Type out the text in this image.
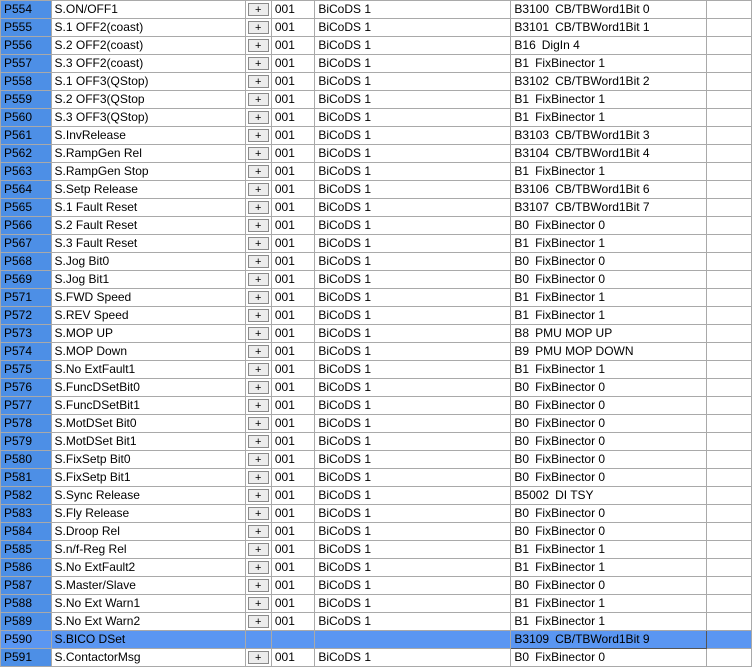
P554	S.ON/OFF1	+	001	BiCoDS 1	B3100 CB/TBWord1Bit 0	
P555	S.1 OFF2(coast)	+	001	BiCoDS 1	B3101 CB/TBWord1Bit 1	
P556	S.2 OFF2(coast)	+	001	BiCoDS 1	B16 DigIn 4	
P557	S.3 OFF2(coast)	+	001	BiCoDS 1	B1 FixBinector 1	
P558	S.1 OFF3(QStop)	+	001	BiCoDS 1	B3102 CB/TBWord1Bit 2	
P559	S.2 OFF3(QStop	+	001	BiCoDS 1	B1 FixBinector 1	
P560	S.3 OFF3(QStop)	+	001	BiCoDS 1	B1 FixBinector 1	
P561	S.InvRelease	+	001	BiCoDS 1	B3103 CB/TBWord1Bit 3	
P562	S.RampGen Rel	+	001	BiCoDS 1	B3104 CB/TBWord1Bit 4	
P563	S.RampGen Stop	+	001	BiCoDS 1	B1 FixBinector 1	
P564	S.Setp Release	+	001	BiCoDS 1	B3106 CB/TBWord1Bit 6	
P565	S.1 Fault Reset	+	001	BiCoDS 1	B3107 CB/TBWord1Bit 7	
P566	S.2 Fault Reset	+	001	BiCoDS 1	B0 FixBinector 0	
P567	S.3 Fault Reset	+	001	BiCoDS 1	B1 FixBinector 1	
P568	S.Jog Bit0	+	001	BiCoDS 1	B0 FixBinector 0	
P569	S.Jog Bit1	+	001	BiCoDS 1	B0 FixBinector 0	
P571	S.FWD Speed	+	001	BiCoDS 1	B1 FixBinector 1	
P572	S.REV Speed	+	001	BiCoDS 1	B1 FixBinector 1	
P573	S.MOP UP	+	001	BiCoDS 1	B8 PMU MOP UP	
P574	S.MOP Down	+	001	BiCoDS 1	B9 PMU MOP DOWN	
P575	S.No ExtFault1	+	001	BiCoDS 1	B1 FixBinector 1	
P576	S.FuncDSetBit0	+	001	BiCoDS 1	B0 FixBinector 0	
P577	S.FuncDSetBit1	+	001	BiCoDS 1	B0 FixBinector 0	
P578	S.MotDSet Bit0	+	001	BiCoDS 1	B0 FixBinector 0	
P579	S.MotDSet Bit1	+	001	BiCoDS 1	B0 FixBinector 0	
P580	S.FixSetp Bit0	+	001	BiCoDS 1	B0 FixBinector 0	
P581	S.FixSetp Bit1	+	001	BiCoDS 1	B0 FixBinector 0	
P582	S.Sync Release	+	001	BiCoDS 1	B5002 DI TSY	
P583	S.Fly Release	+	001	BiCoDS 1	B0 FixBinector 0	
P584	S.Droop Rel	+	001	BiCoDS 1	B0 FixBinector 0	
P585	S.n/f-Reg Rel	+	001	BiCoDS 1	B1 FixBinector 1	
P586	S.No ExtFault2	+	001	BiCoDS 1	B1 FixBinector 1	
P587	S.Master/Slave	+	001	BiCoDS 1	B0 FixBinector 0	
P588	S.No Ext Warn1	+	001	BiCoDS 1	B1 FixBinector 1	
P589	S.No Ext Warn2	+	001	BiCoDS 1	B1 FixBinector 1	
P590	S.BICO DSet				B3109 CB/TBWord1Bit 9	
P591	S.ContactorMsg	+	001	BiCoDS 1	B0 FixBinector 0	
